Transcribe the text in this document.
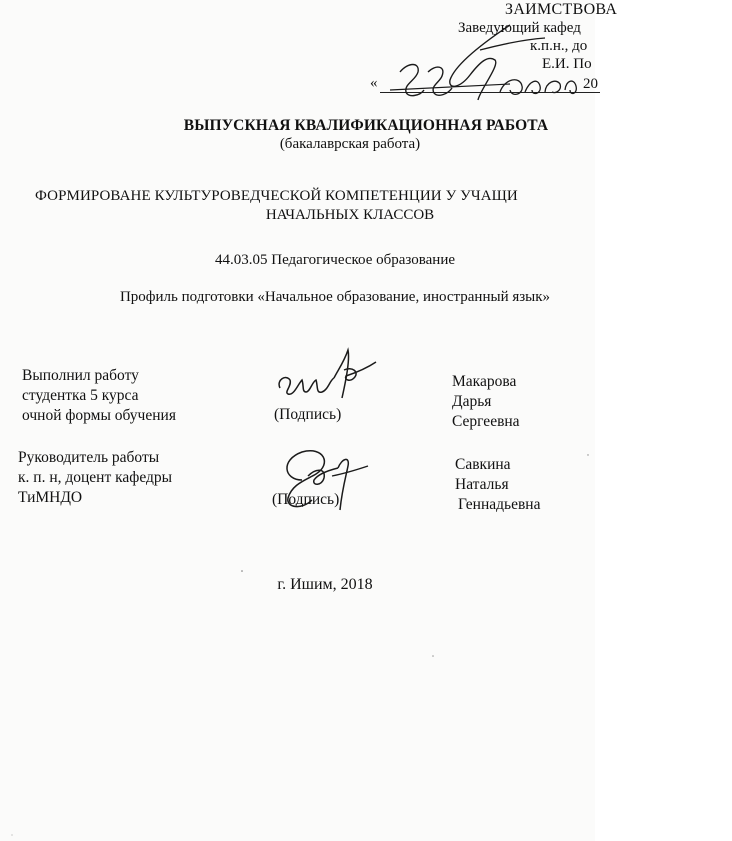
ЗАИМСТВОВА
Заведующий кафед
к.п.н., до
Е.И. По
«	20
ВЫПУСКНАЯ КВАЛИФИКАЦИОННАЯ РАБОТА
(бакалаврская работа)
ФОРМИРОВАНЕ КУЛЬТУРОВЕДЧЕСКОЙ КОМПЕТЕНЦИИ У УЧАЩИ
НАЧАЛЬНЫХ КЛАССОВ
44.03.05 Педагогическое образование
Профиль подготовки «Начальное образование, иностранный язык»
Выполнил работу
студентка 5 курса
очной формы обучения	(Подпись)
Макарова
Дарья
Сергеевна
Руководитель работы
к. п. н, доцент кафедры
ТиМНДО	(Подпись)
Савкина
Наталья
Геннадьевна
г. Ишим, 2018
